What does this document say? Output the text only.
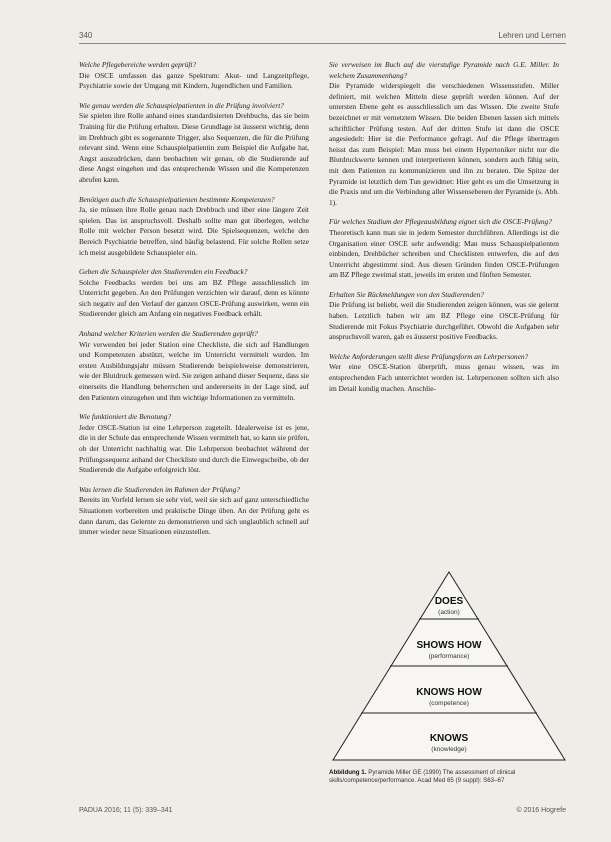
340	Lehren und Lernen

Welche Pflegebereiche werden geprüft?

Die OSCE umfassen das ganze Spektrum: Akut- und Langzeitpflege, Psychiatrie sowie der Umgang mit Kindern, Jugendlichen und Familien.

Wie genau werden die Schauspielpatienten in die Prüfung involviert?

Sie spielen ihre Rolle anhand eines standardisierten Drehbuchs, das sie beim Training für die Prüfung erhalten. Diese Grundlage ist äusserst wichtig, denn im Drehbuch gibt es sogenannte Trigger, also Sequenzen, die für die Prüfung relevant sind. Wenn eine Schauspielpatientin zum Beispiel die Aufgabe hat, Angst auszudrücken, dann beobachten wir genau, ob die Studierende auf diese Angst eingehen und das entsprechende Wissen und die Kompetenzen abrufen kann.

Benötigen auch die Schauspielpatienten bestimmte Kompetenzen?

Ja, sie müssen ihre Rolle genau nach Drehbuch und über eine längere Zeit spielen. Das ist anspruchsvoll. Deshalb sollte man gut überlegen, welche Rolle mit welcher Person besetzt wird. Die Spielsequenzen, welche den Bereich Psychiatrie betreffen, sind häufig belastend. Für solche Rollen setze ich meist ausgebildete Schauspieler ein.

Geben die Schauspieler den Studierenden ein Feedback?

Solche Feedbacks werden bei uns am BZ Pflege ausschliesslich im Unterricht gegeben. An den Prüfungen verzichten wir darauf, denn es könnte sich negativ auf den Verlauf der ganzen OSCE-Prüfung auswirken, wenn ein Studierender gleich am Anfang ein negatives Feedback erhält.

Anhand welcher Kriterien werden die Studierenden geprüft?

Wir verwenden bei jeder Station eine Checkliste, die sich auf Handlungen und Kompetenzen abstützt, welche im Unterricht vermittelt wurden. Im ersten Ausbildungsjahr müssen Studierende beispielsweise demonstrieren, wie der Blutdruck gemessen wird. Sie zeigen anhand dieser Sequenz, dass sie einerseits die Handlung beherrschen und andererseits in der Lage sind, auf den Patienten einzugehen und ihm wichtige Informationen zu vermitteln.

Wie funktioniert die Benotung?

Jeder OSCE-Station ist eine Lehrperson zugeteilt. Idealerweise ist es jene, die in der Schule das entsprechende Wissen vermittelt hat, so kann sie prüfen, ob der Unterricht nachhaltig war. Die Lehrperson beobachtet während der Prüfungssequenz anhand der Checkliste und durch die Einwegscheibe, ob der Studierende die Aufgabe erfolgreich löst.

Was lernen die Studierenden im Rahmen der Prüfung?

Bereits im Vorfeld lernen sie sehr viel, weil sie sich auf ganz unterschiedliche Situationen vorbereiten und praktische Dinge üben. An der Prüfung geht es dann darum, das Gelernte zu demonstrieren und sich unglaublich schnell auf immer wieder neue Situationen einzustellen.

Sie verweisen im Buch auf die vierstufige Pyramide nach G.E. Miller. In welchem Zusammenhang?

Die Pyramide widerspiegelt die verschiedenen Wissensstufen. Miller definiert, mit welchen Mitteln diese geprüft werden können. Auf der untersten Ebene geht es ausschliesslich um das Wissen. Die zweite Stufe bezeichnet er mit vernetztem Wissen. Die beiden Ebenen lassen sich mittels schriftlicher Prüfung testen. Auf der dritten Stufe ist dann die OSCE angesiedelt: Hier ist die Performance gefragt. Auf die Pflege übertragen heisst das zum Beispiel: Man muss bei einem Hypertoniker nicht nur die Blutdruckwerte kennen und interpretieren können, sondern auch fähig sein, mit dem Patienten zu kommunizieren und ihn zu beraten. Die Spitze der Pyramide ist letztlich dem Tun gewidmet: Hier geht es um die Umsetzung in die Praxis und um die Verbindung aller Wissensebenen der Pyramide (s. Abb. 1).

Für welches Stadium der Pflegeausbildung eignet sich die OSCE-Prüfung?

Theoretisch kann man sie in jedem Semester durchführen. Allerdings ist die Organisation einer OSCE sehr aufwendig: Man muss Schauspielpatienten einbinden, Drehbücher schreiben und Checklisten entwerfen, die auf den Unterricht abgestimmt sind. Aus diesen Gründen finden OSCE-Prüfungen am BZ Pflege zweimal statt, jeweils im ersten und fünften Semester.

Erhalten Sie Rückmeldungen von den Studierenden?

Die Prüfung ist beliebt, weil die Studierenden zeigen können, was sie gelernt haben. Letztlich haben wir am BZ Pflege eine OSCE-Prüfung für Studierende mit Fokus Psychiatrie durchgeführt. Obwohl die Aufgaben sehr anspruchsvoll waren, gab es äusserst positive Feedbacks.

Welche Anforderungen stellt diese Prüfungsform an Lehrpersonen?

Wer eine OSCE-Station überprüft, muss genau wissen, was im entsprechenden Fach unterrichtet worden ist. Lehrpersonen sollten sich also im Detail kundig machen. Anschlie-

DOES
(action)
SHOWS HOW
(performance)
KNOWS HOW
(competence)
KNOWS
(knowledge)
Abbildung 1. Pyramide Miller GE (1990) The assessment of clinical skills/competence/performance. Acad Med 65 (9 suppl): S63–67
PADUA 2016; 11 (5): 339–341	© 2016 Hogrefe
